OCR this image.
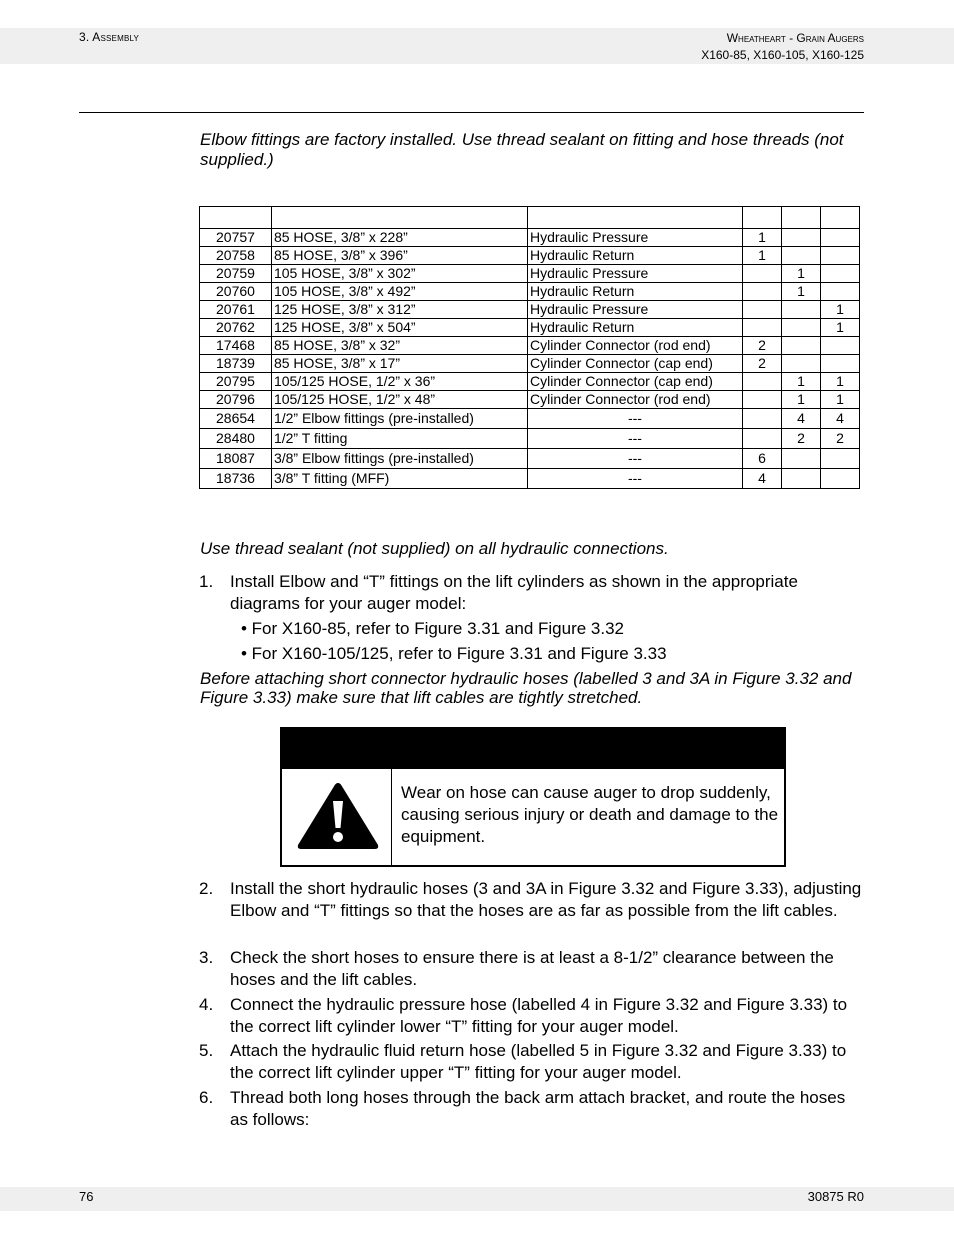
3. Assembly	Wheatheart - Grain Augers
X160-85, X160-105, X160-125
Elbow fittings are factory installed. Use thread sealant on fitting and hose threads (not supplied.)

20757	85 HOSE, 3/8” x 228”	Hydraulic Pressure	1		
20758	85 HOSE, 3/8” x 396”	Hydraulic Return	1		
20759	105 HOSE, 3/8” x 302”	Hydraulic Pressure		1	
20760	105 HOSE, 3/8” x 492”	Hydraulic Return		1	
20761	125 HOSE, 3/8” x 312”	Hydraulic Pressure			1
20762	125 HOSE, 3/8” x 504”	Hydraulic Return			1
17468	85 HOSE, 3/8” x 32”	Cylinder Connector (rod end)	2		
18739	85 HOSE, 3/8” x 17”	Cylinder Connector (cap end)	2		
20795	105/125 HOSE, 1/2” x 36”	Cylinder Connector (cap end)		1	1
20796	105/125 HOSE, 1/2” x 48”	Cylinder Connector (rod end)		1	1
28654	1/2” Elbow fittings (pre-installed)	---		4	4
28480	1/2” T fitting	---		2	2
18087	3/8” Elbow fittings (pre-installed)	---	6		
18736	3/8” T fitting (MFF)	---	4		
Use thread sealant (not supplied) on all hydraulic connections.
1. Install Elbow and “T” fittings on the lift cylinders as shown in the appropriate diagrams for your auger model:
• For X160-85, refer to Figure 3.31 and Figure 3.32
• For X160-105/125, refer to Figure 3.31 and Figure 3.33
Before attaching short connector hydraulic hoses (labelled 3 and 3A in Figure 3.32 and Figure 3.33) make sure that lift cables are tightly stretched.
Wear on hose can cause auger to drop suddenly, causing serious injury or death and damage to the equipment.
2. Install the short hydraulic hoses (3 and 3A in Figure 3.32 and Figure 3.33), adjusting Elbow and “T” fittings so that the hoses are as far as possible from the lift cables.
3. Check the short hoses to ensure there is at least a 8-1/2” clearance between the hoses and the lift cables.
4. Connect the hydraulic pressure hose (labelled 4 in Figure 3.32 and Figure 3.33) to the correct lift cylinder lower “T” fitting for your auger model.
5. Attach the hydraulic fluid return hose (labelled 5 in Figure 3.32 and Figure 3.33) to the correct lift cylinder upper “T” fitting for your auger model.
6. Thread both long hoses through the back arm attach bracket, and route the hoses as follows:
76	30875 R0
